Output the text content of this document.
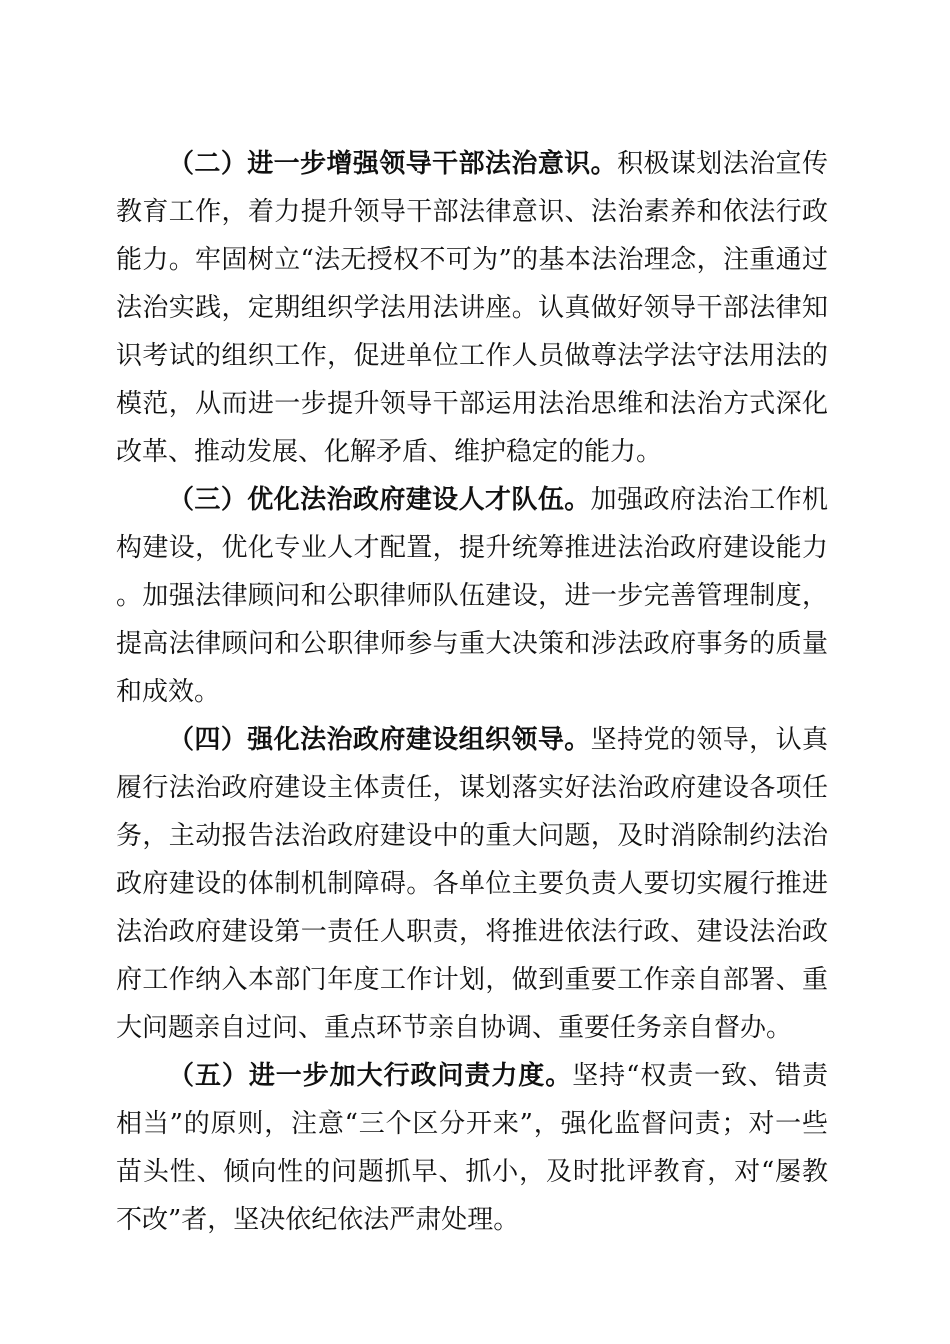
（二）进一步增强领导干部法治意识。积极谋划法治宣传教育工作，着力提升领导干部法律意识、法治素养和依法行政能力。牢固树立“法无授权不可为”的基本法治理念，注重通过法治实践，定期组织学法用法讲座。认真做好领导干部法律知识考试的组织工作，促进单位工作人员做尊法学法守法用法的模范，从而进一步提升领导干部运用法治思维和法治方式深化改革、推动发展、化解矛盾、维护稳定的能力。

（三）优化法治政府建设人才队伍。加强政府法治工作机构建设，优化专业人才配置，提升统筹推进法治政府建设能力。加强法律顾问和公职律师队伍建设，进一步完善管理制度，提高法律顾问和公职律师参与重大决策和涉法政府事务的质量和成效。

（四）强化法治政府建设组织领导。坚持党的领导，认真履行法治政府建设主体责任，谋划落实好法治政府建设各项任务，主动报告法治政府建设中的重大问题，及时消除制约法治政府建设的体制机制障碍。各单位主要负责人要切实履行推进法治政府建设第一责任人职责，将推进依法行政、建设法治政府工作纳入本部门年度工作计划，做到重要工作亲自部署、重大问题亲自过问、重点环节亲自协调、重要任务亲自督办。

（五）进一步加大行政问责力度。坚持“权责一致、错责相当”的原则，注意“三个区分开来”，强化监督问责；对一些苗头性、倾向性的问题抓早、抓小，及时批评教育，对“屡教不改”者，坚决依纪依法严肃处理。
